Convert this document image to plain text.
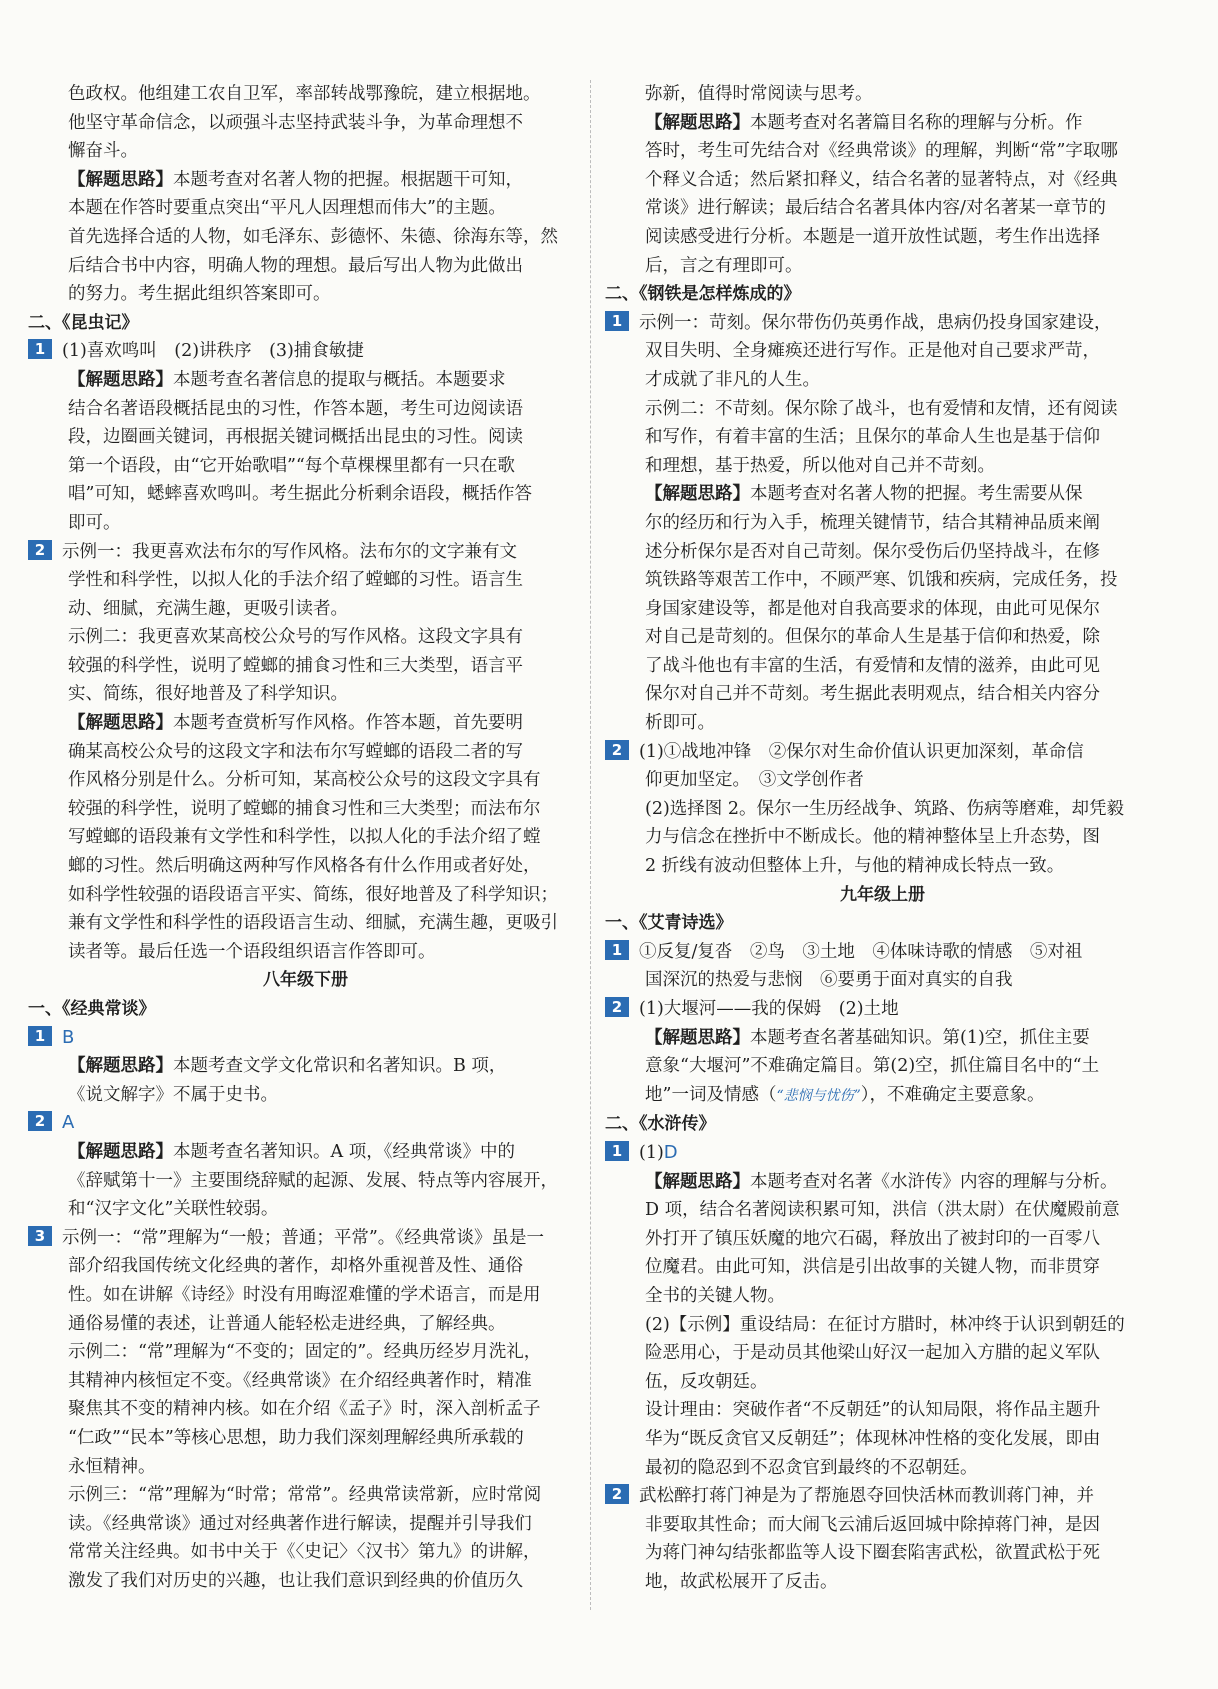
色政权。他组建工农自卫军，率部转战鄂豫皖，建立根据地。
他坚守革命信念，以顽强斗志坚持武装斗争，为革命理想不
懈奋斗。
【解题思路】本题考查对名著人物的把握。根据题干可知，
本题在作答时要重点突出“平凡人因理想而伟大”的主题。
首先选择合适的人物，如毛泽东、彭德怀、朱德、徐海东等，然
后结合书中内容，明确人物的理想。最后写出人物为此做出
的努力。考生据此组织答案即可。
二、《昆虫记》
1 (1)喜欢鸣叫　(2)讲秩序　(3)捕食敏捷
【解题思路】本题考查名著信息的提取与概括。本题要求
结合名著语段概括昆虫的习性，作答本题，考生可边阅读语
段，边圈画关键词，再根据关键词概括出昆虫的习性。阅读
第一个语段，由“它开始歌唱”“每个草棵棵里都有一只在歌
唱”可知，蟋蟀喜欢鸣叫。考生据此分析剩余语段，概括作答
即可。
2 示例一：我更喜欢法布尔的写作风格。法布尔的文字兼有文
学性和科学性，以拟人化的手法介绍了螳螂的习性。语言生
动、细腻，充满生趣，更吸引读者。
示例二：我更喜欢某高校公众号的写作风格。这段文字具有
较强的科学性，说明了螳螂的捕食习性和三大类型，语言平
实、简练，很好地普及了科学知识。
【解题思路】本题考查赏析写作风格。作答本题，首先要明
确某高校公众号的这段文字和法布尔写螳螂的语段二者的写
作风格分别是什么。分析可知，某高校公众号的这段文字具有
较强的科学性，说明了螳螂的捕食习性和三大类型；而法布尔
写螳螂的语段兼有文学性和科学性，以拟人化的手法介绍了螳
螂的习性。然后明确这两种写作风格各有什么作用或者好处，
如科学性较强的语段语言平实、简练，很好地普及了科学知识；
兼有文学性和科学性的语段语言生动、细腻，充满生趣，更吸引
读者等。最后任选一个语段组织语言作答即可。
八年级下册
一、《经典常谈》
1 B
【解题思路】本题考查文学文化常识和名著知识。B 项，
《说文解字》不属于史书。
2 A
【解题思路】本题考查名著知识。A 项，《经典常谈》中的
《辞赋第十一》主要围绕辞赋的起源、发展、特点等内容展开，
和“汉字文化”关联性较弱。
3 示例一：“常”理解为“一般；普通；平常”。《经典常谈》虽是一
部介绍我国传统文化经典的著作，却格外重视普及性、通俗
性。如在讲解《诗经》时没有用晦涩难懂的学术语言，而是用
通俗易懂的表述，让普通人能轻松走进经典，了解经典。
示例二：“常”理解为“不变的；固定的”。经典历经岁月洗礼，
其精神内核恒定不变。《经典常谈》在介绍经典著作时，精准
聚焦其不变的精神内核。如在介绍《孟子》时，深入剖析孟子
“仁政”“民本”等核心思想，助力我们深刻理解经典所承载的
永恒精神。
示例三：“常”理解为“时常；常常”。经典常读常新，应时常阅
读。《经典常谈》通过对经典著作进行解读，提醒并引导我们
常常关注经典。如书中关于《〈史记〉〈汉书〉第九》的讲解，
激发了我们对历史的兴趣，也让我们意识到经典的价值历久
弥新，值得时常阅读与思考。
【解题思路】本题考查对名著篇目名称的理解与分析。作
答时，考生可先结合对《经典常谈》的理解，判断“常”字取哪
个释义合适；然后紧扣释义，结合名著的显著特点，对《经典
常谈》进行解读；最后结合名著具体内容/对名著某一章节的
阅读感受进行分析。本题是一道开放性试题，考生作出选择
后，言之有理即可。
二、《钢铁是怎样炼成的》
1 示例一：苛刻。保尔带伤仍英勇作战，患病仍投身国家建设，
双目失明、全身瘫痪还进行写作。正是他对自己要求严苛，
才成就了非凡的人生。
示例二：不苛刻。保尔除了战斗，也有爱情和友情，还有阅读
和写作，有着丰富的生活；且保尔的革命人生也是基于信仰
和理想，基于热爱，所以他对自己并不苛刻。
【解题思路】本题考查对名著人物的把握。考生需要从保
尔的经历和行为入手，梳理关键情节，结合其精神品质来阐
述分析保尔是否对自己苛刻。保尔受伤后仍坚持战斗，在修
筑铁路等艰苦工作中，不顾严寒、饥饿和疾病，完成任务，投
身国家建设等，都是他对自我高要求的体现，由此可见保尔
对自己是苛刻的。但保尔的革命人生是基于信仰和热爱，除
了战斗他也有丰富的生活，有爱情和友情的滋养，由此可见
保尔对自己并不苛刻。考生据此表明观点，结合相关内容分
析即可。
2 (1)①战地冲锋　②保尔对生命价值认识更加深刻，革命信
仰更加坚定。　③文学创作者
(2)选择图 2。保尔一生历经战争、筑路、伤病等磨难，却凭毅
力与信念在挫折中不断成长。他的精神整体呈上升态势，图
2 折线有波动但整体上升，与他的精神成长特点一致。
九年级上册
一、《艾青诗选》
1 ①反复/复沓　②鸟　③土地　④体味诗歌的情感　⑤对祖
国深沉的热爱与悲悯　⑥要勇于面对真实的自我
2 (1)大堰河——我的保姆　(2)土地
【解题思路】本题考查名著基础知识。第(1)空，抓住主要
意象“大堰河”不难确定篇目。第(2)空，抓住篇目名中的“土
地”一词及情感（“悲悯与忧伤”），不难确定主要意象。
二、《水浒传》
1 (1)D
【解题思路】本题考查对名著《水浒传》内容的理解与分析。
D 项，结合名著阅读积累可知，洪信（洪太尉）在伏魔殿前意
外打开了镇压妖魔的地穴石碣，释放出了被封印的一百零八
位魔君。由此可知，洪信是引出故事的关键人物，而非贯穿
全书的关键人物。
(2)【示例】重设结局：在征讨方腊时，林冲终于认识到朝廷的
险恶用心，于是动员其他梁山好汉一起加入方腊的起义军队
伍，反攻朝廷。
设计理由：突破作者“不反朝廷”的认知局限，将作品主题升
华为“既反贪官又反朝廷”；体现林冲性格的变化发展，即由
最初的隐忍到不忍贪官到最终的不忍朝廷。
2 武松醉打蒋门神是为了帮施恩夺回快活林而教训蒋门神，并
非要取其性命；而大闹飞云浦后返回城中除掉蒋门神，是因
为蒋门神勾结张都监等人设下圈套陷害武松，欲置武松于死
地，故武松展开了反击。
